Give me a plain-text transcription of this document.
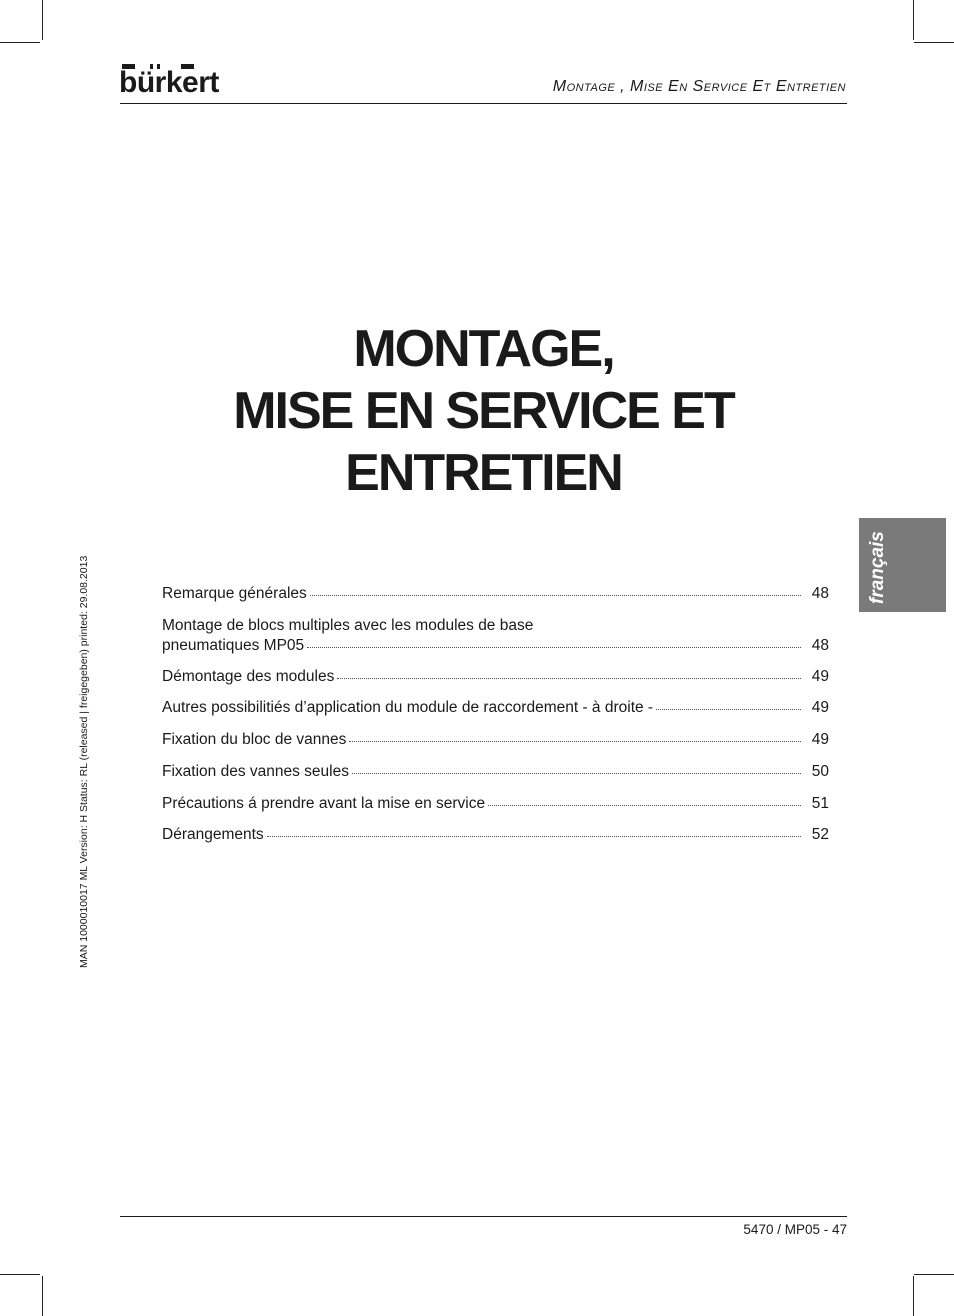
bürkert	Montage , Mise En Service Et Entretien
MONTAGE,
MISE EN SERVICE ET
ENTRETIEN
MAN 1000010017 ML Version: H Status: RL (released | freigegeben) printed: 29.08.2013	français
Remarque générales	48
Montage de blocs multiples avec les modules de base
pneumatiques MP05	48
Démontage des modules	49
Autres possibilitiés d’application du module de raccordement - à droite -	49
Fixation du bloc de vannes	49
Fixation des vannes seules	50
Précautions á prendre avant la mise en service	51
Dérangements	52
5470 / MP05 - 47
